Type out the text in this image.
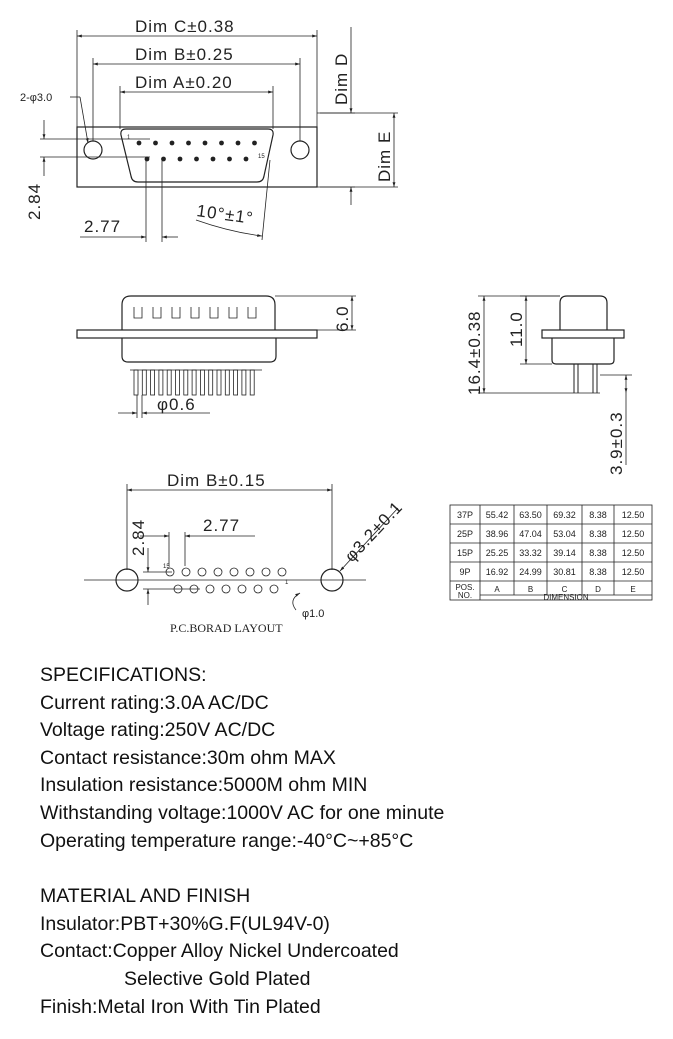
1
15
Dim C±0.38
Dim B±0.25
Dim A±0.20	Dim D
Dim E
2-φ3.0
2.84
2.77	10°±1°
6.0
φ0.6
16.4±0.38 11.0
3.9±0.3
15
1
Dim B±0.15
2.77
2.84	φ3.2±0.1
φ1.0
P.C.BORAD LAYOUT
37P 55.42 63.50 69.32 8.38 12.50
25P 38.96 47.04 53.04 8.38 12.50
15P 25.25 33.32 39.14 8.38 12.50
9P 16.92 24.99 30.81 8.38 12.50
POS.
NO.
A	B	C	D	E
DIMENSION
SPECIFICATIONS:
Current rating:3.0A AC/DC
Voltage rating:250V AC/DC
Contact resistance:30m ohm MAX
Insulation resistance:5000M ohm MIN
Withstanding voltage:1000V AC for one minute
Operating temperature range:-40°C~+85°C
MATERIAL AND FINISH
Insulator:PBT+30%G.F(UL94V-0)
Contact:Copper Alloy Nickel Undercoated
Selective Gold Plated
Finish:Metal Iron With Tin Plated
